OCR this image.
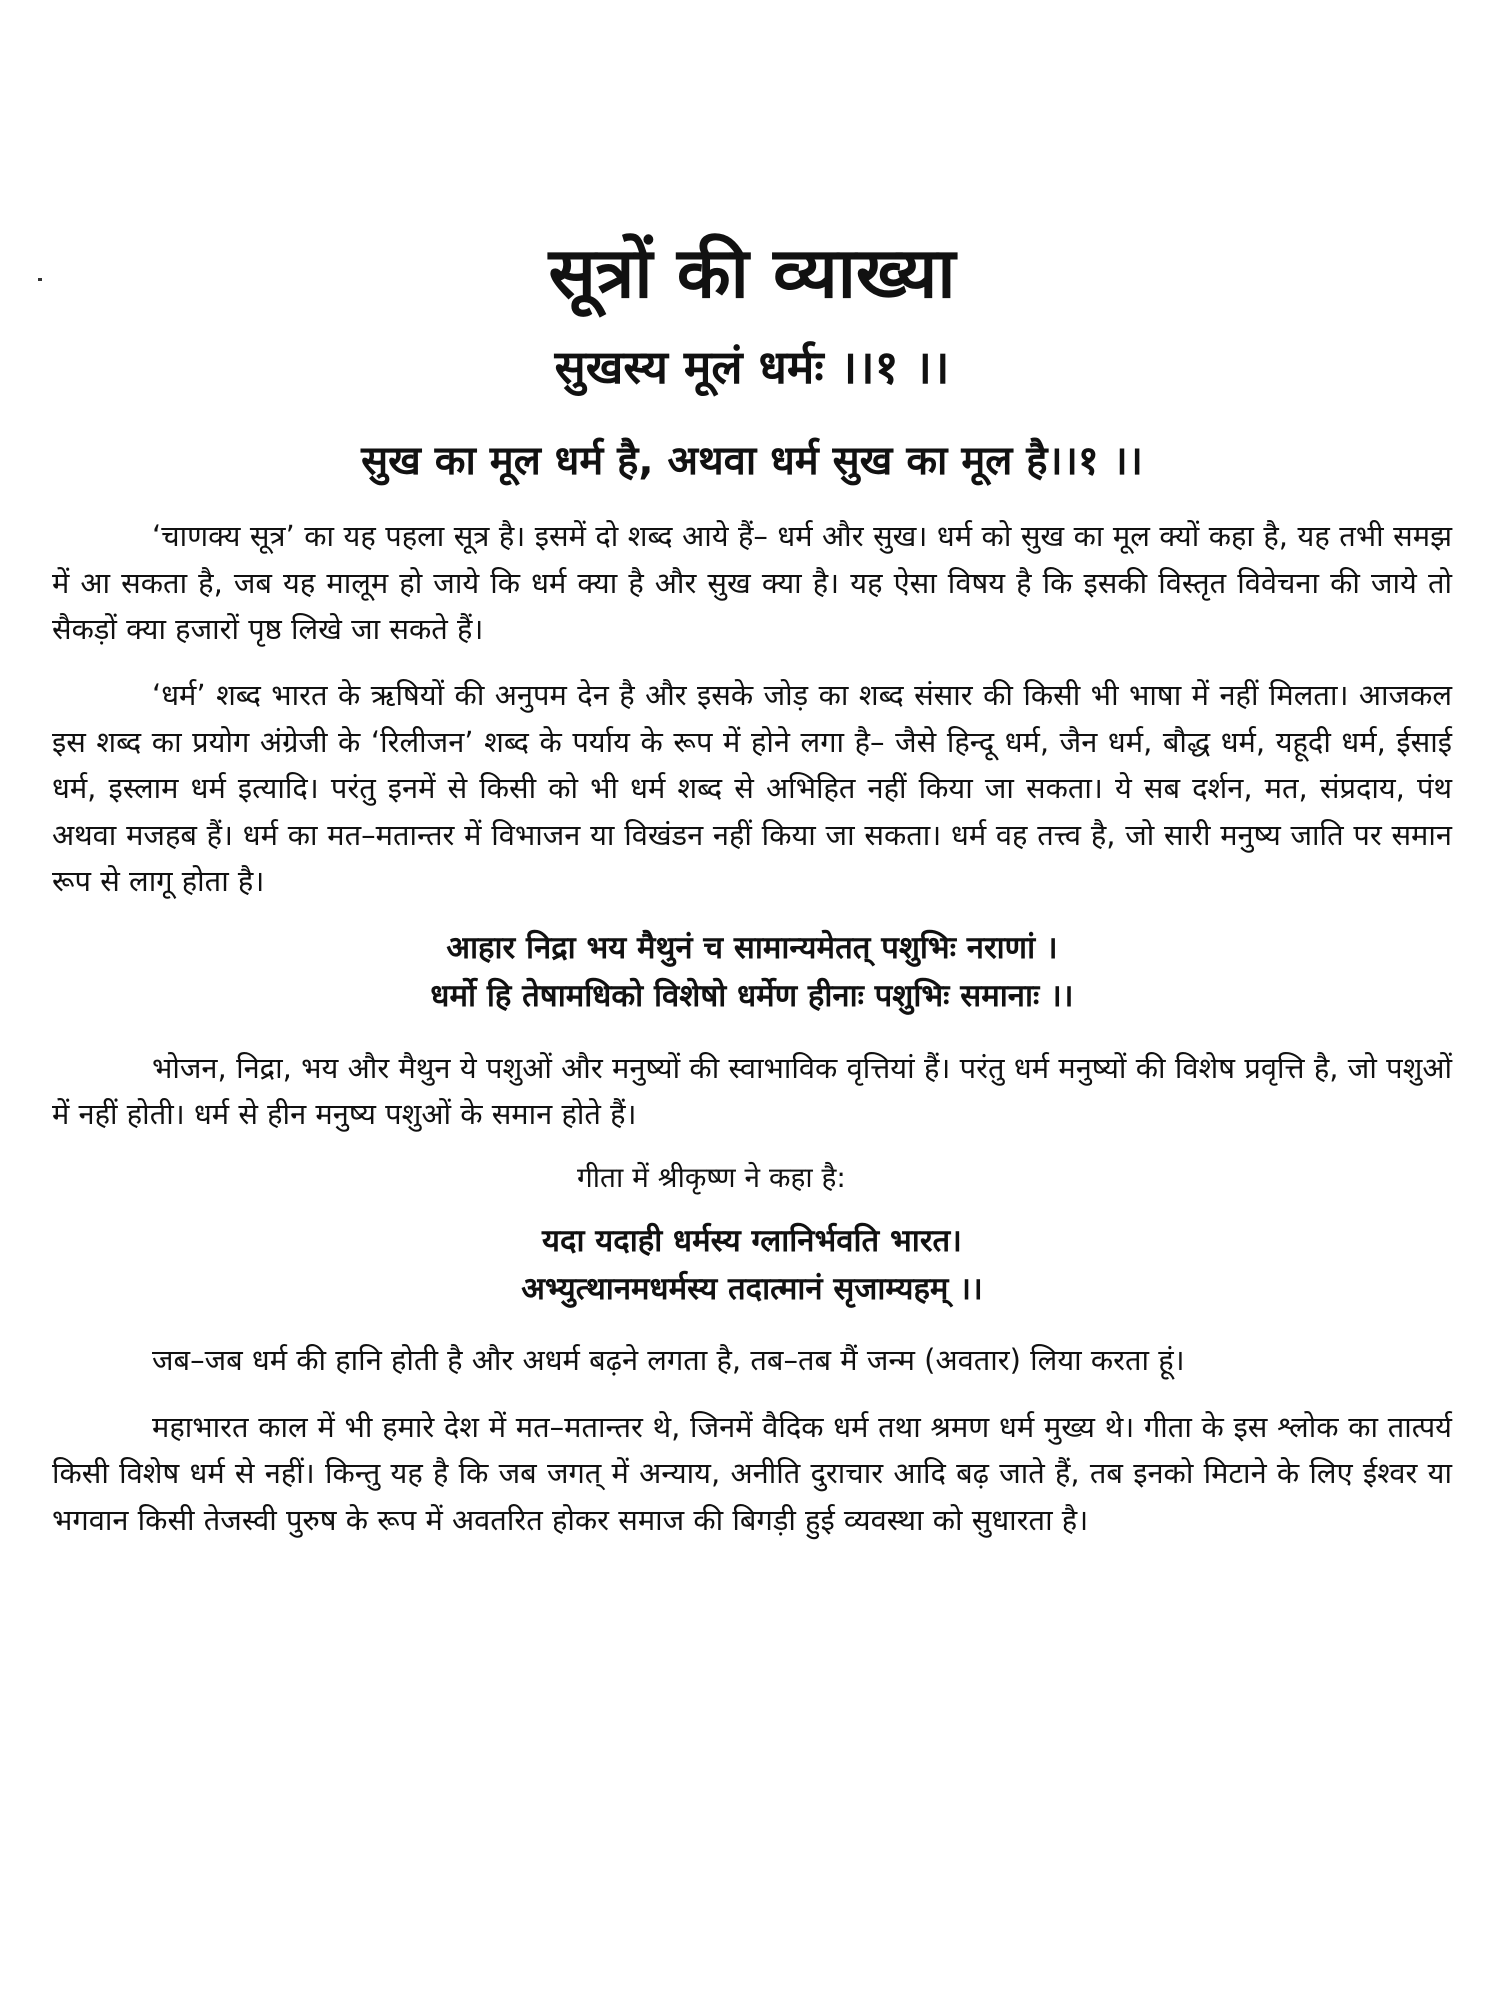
सूत्रों की व्याख्या
सुखस्य मूलं धर्मः ।।१ ।।
सुख का मूल धर्म है, अथवा धर्म सुख का मूल है।।१ ।।

‘चाणक्य सूत्र’ का यह पहला सूत्र है। इसमें दो शब्द आये हैं– धर्म और सुख। धर्म को सुख का मूल क्यों कहा है, यह तभी समझ में आ सकता है, जब यह मालूम हो जाये कि धर्म क्या है और सुख क्या है। यह ऐसा विषय है कि इसकी विस्तृत विवेचना की जाये तो सैकड़ों क्या हजारों पृष्ठ लिखे जा सकते हैं।

‘धर्म’ शब्द भारत के ऋषियों की अनुपम देन है और इसके जोड़ का शब्द संसार की किसी भी भाषा में नहीं मिलता। आजकल इस शब्द का प्रयोग अंग्रेजी के ‘रिलीजन’ शब्द के पर्याय के रूप में होने लगा है– जैसे हिन्दू धर्म, जैन धर्म, बौद्ध धर्म, यहूदी धर्म, ईसाई धर्म, इस्लाम धर्म इत्यादि। परंतु इनमें से किसी को भी धर्म शब्द से अभिहित नहीं किया जा सकता। ये सब दर्शन, मत, संप्रदाय, पंथ अथवा मजहब हैं। धर्म का मत–मतान्तर में विभाजन या विखंडन नहीं किया जा सकता। धर्म वह तत्त्व है, जो सारी मनुष्य जाति पर समान रूप से लागू होता है।

आहार निद्रा भय मैथुनं च सामान्यमेतत् पशुभिः नराणां ।
धर्मो हि तेषामधिको विशेषो धर्मेण हीनाः पशुभिः समानाः ।।

भोजन, निद्रा, भय और मैथुन ये पशुओं और मनुष्यों की स्वाभाविक वृत्तियां हैं। परंतु धर्म मनुष्यों की विशेष प्रवृत्ति है, जो पशुओं में नहीं होती। धर्म से हीन मनुष्य पशुओं के समान होते हैं।

गीता में श्रीकृष्ण ने कहा है:
यदा यदाही धर्मस्य ग्लानिर्भवति भारत।
अभ्युत्थानमधर्मस्य तदात्मानं सृजाम्यहम् ।।

जब–जब धर्म की हानि होती है और अधर्म बढ़ने लगता है, तब–तब मैं जन्म (अवतार) लिया करता हूं।

महाभारत काल में भी हमारे देश में मत–मतान्तर थे, जिनमें वैदिक धर्म तथा श्रमण धर्म मुख्य थे। गीता के इस श्लोक का तात्पर्य किसी विशेष धर्म से नहीं। किन्तु यह है कि जब जगत् में अन्याय, अनीति दुराचार आदि बढ़ जाते हैं, तब इनको मिटाने के लिए ईश्वर या भगवान किसी तेजस्वी पुरुष के रूप में अवतरित होकर समाज की बिगड़ी हुई व्यवस्था को सुधारता है।
